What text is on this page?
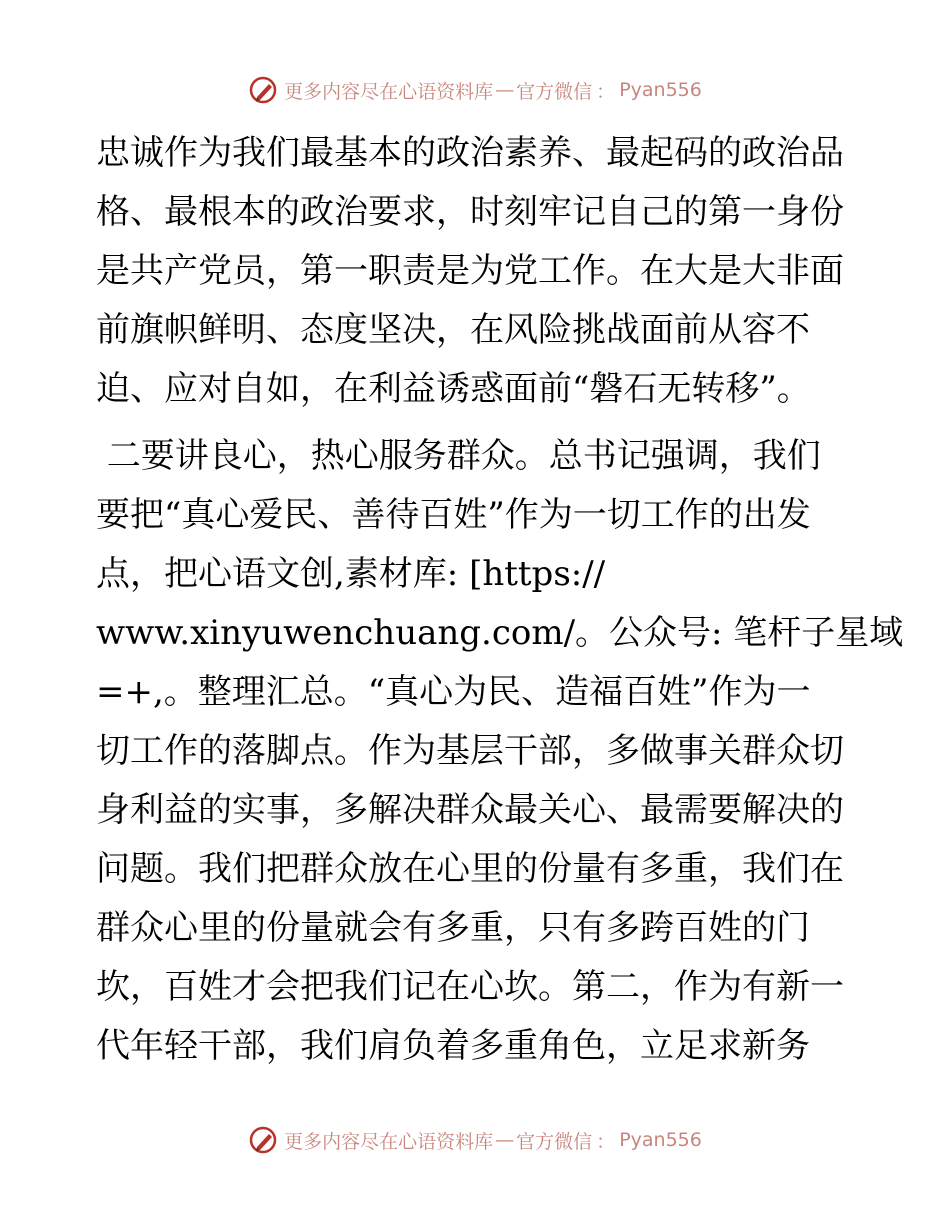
更多内容尽在心语资料库 — 官方微信 ： Pyan556
忠诚作为我们最基本的政治素养、最起码的政治品
格、最根本的政治要求，时刻牢记自己的第一身份
是共产党员，第一职责是为党工作。在大是大非面
前旗帜鲜明、态度坚决，在风险挑战面前从容不
迫、应对自如，在利益诱惑面前“磐石无转移”。
二要讲良心，热心服务群众。总书记强调，我们
要把“真心爱民、善待百姓”作为一切工作的出发
点，把心语文创,素材库: [https://
www.xinyuwenchuang.com/。公众号: 笔杆子星域
=+,。整理汇总。“真心为民、造福百姓”作为一
切工作的落脚点。作为基层干部，多做事关群众切
身利益的实事，多解决群众最关心、最需要解决的
问题。我们把群众放在心里的份量有多重，我们在
群众心里的份量就会有多重，只有多跨百姓的门
坎，百姓才会把我们记在心坎。第二，作为有新一
代年轻干部，我们肩负着多重角色，立足求新务
更多内容尽在心语资料库 — 官方微信 ： Pyan556
